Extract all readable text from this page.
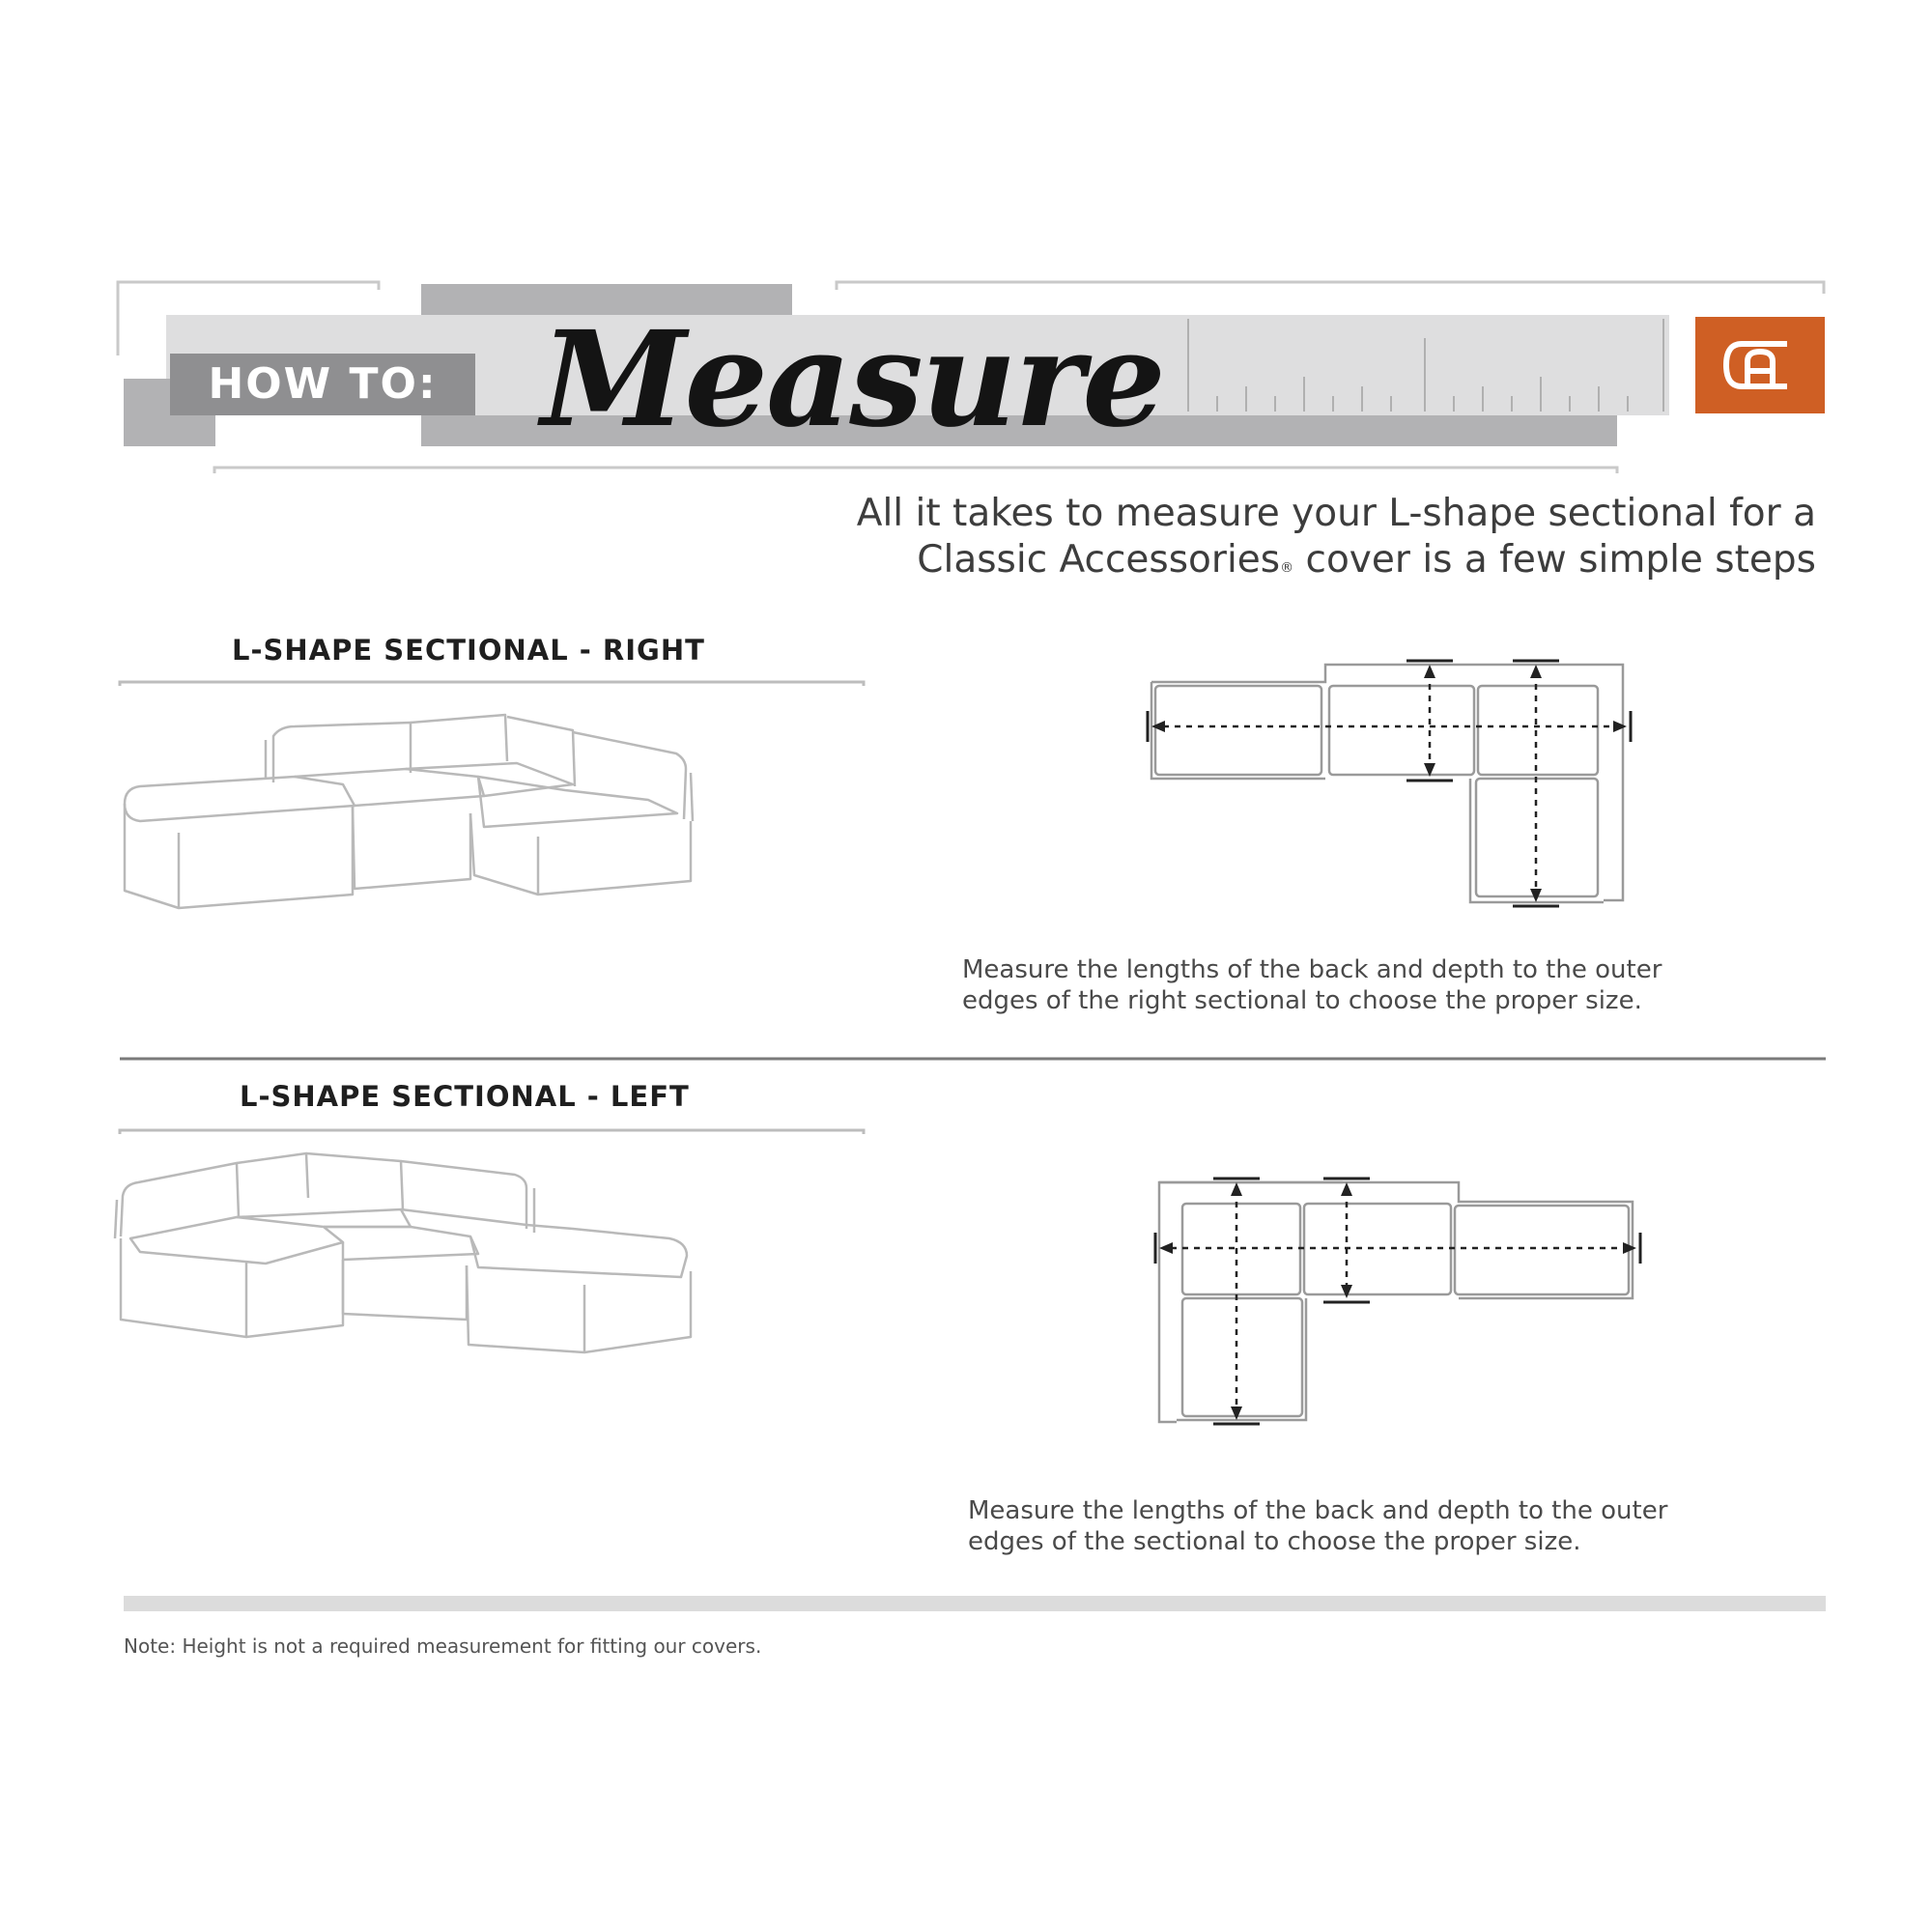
HOW TO: Measure
All it takes to measure your L-shape sectional for a
Classic Accessories® cover is a few simple steps
L-SHAPE SECTIONAL - RIGHT
Measure the lengths of the back and depth to the outer
edges of the right sectional to choose the proper size.
L-SHAPE SECTIONAL - LEFT
Measure the lengths of the back and depth to the outer
edges of the sectional to choose the proper size.
Note: Height is not a required measurement for fitting our covers.
